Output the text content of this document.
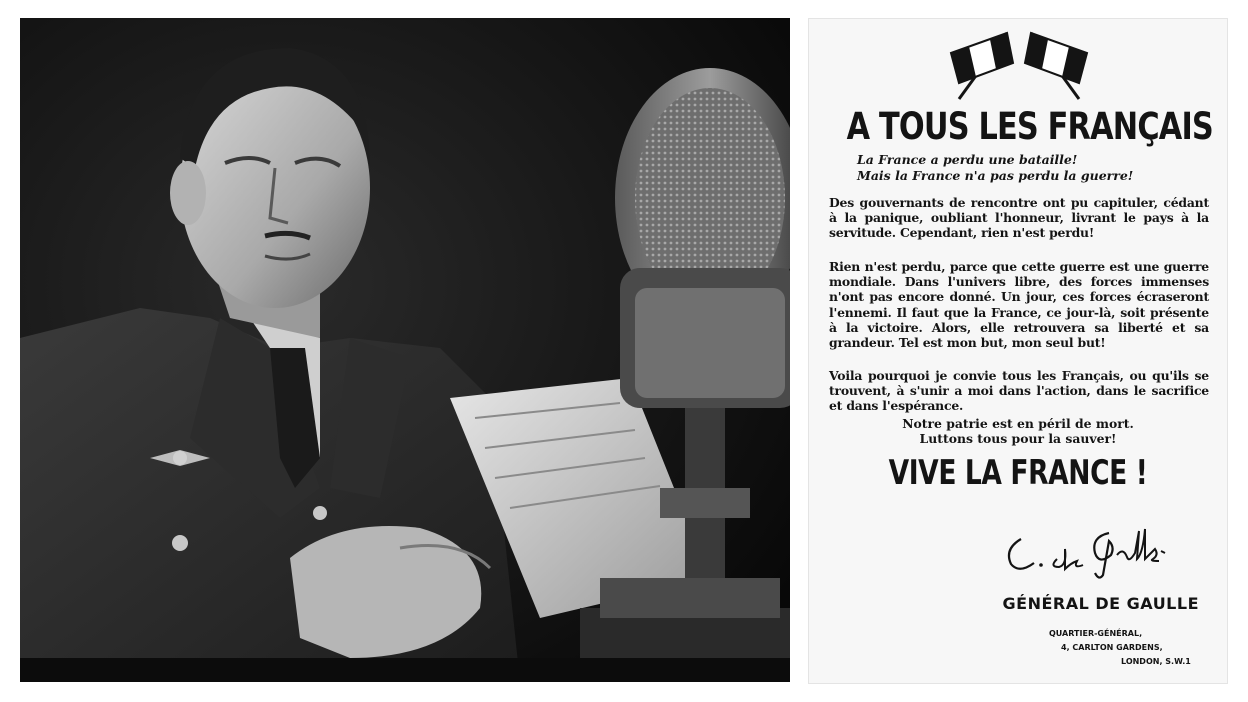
A TOUS LES FRANÇAIS
La France a perdu une bataille!
Mais la France n'a pas perdu la guerre!
Des gouvernants de rencontre ont pu capituler, cédant à la panique, oubliant l'honneur, livrant le pays à la servitude. Cependant, rien n'est perdu!
Rien n'est perdu, parce que cette guerre est une guerre mondiale. Dans l'univers libre, des forces immenses n'ont pas encore donné. Un jour, ces forces écraseront l'ennemi. Il faut que la France, ce jour-là, soit présente à la victoire. Alors, elle retrouvera sa liberté et sa grandeur. Tel est mon but, mon seul but!
Voila pourquoi je convie tous les Français, ou qu'ils se trouvent, à s'unir a moi dans l'action, dans le sacrifice et dans l'espérance.
Notre patrie est en péril de mort.
Luttons tous pour la sauver!
VIVE LA FRANCE !
GÉNÉRAL DE GAULLE
QUARTIER-GÉNÉRAL,
4, CARLTON GARDENS,
LONDON, S.W.1
